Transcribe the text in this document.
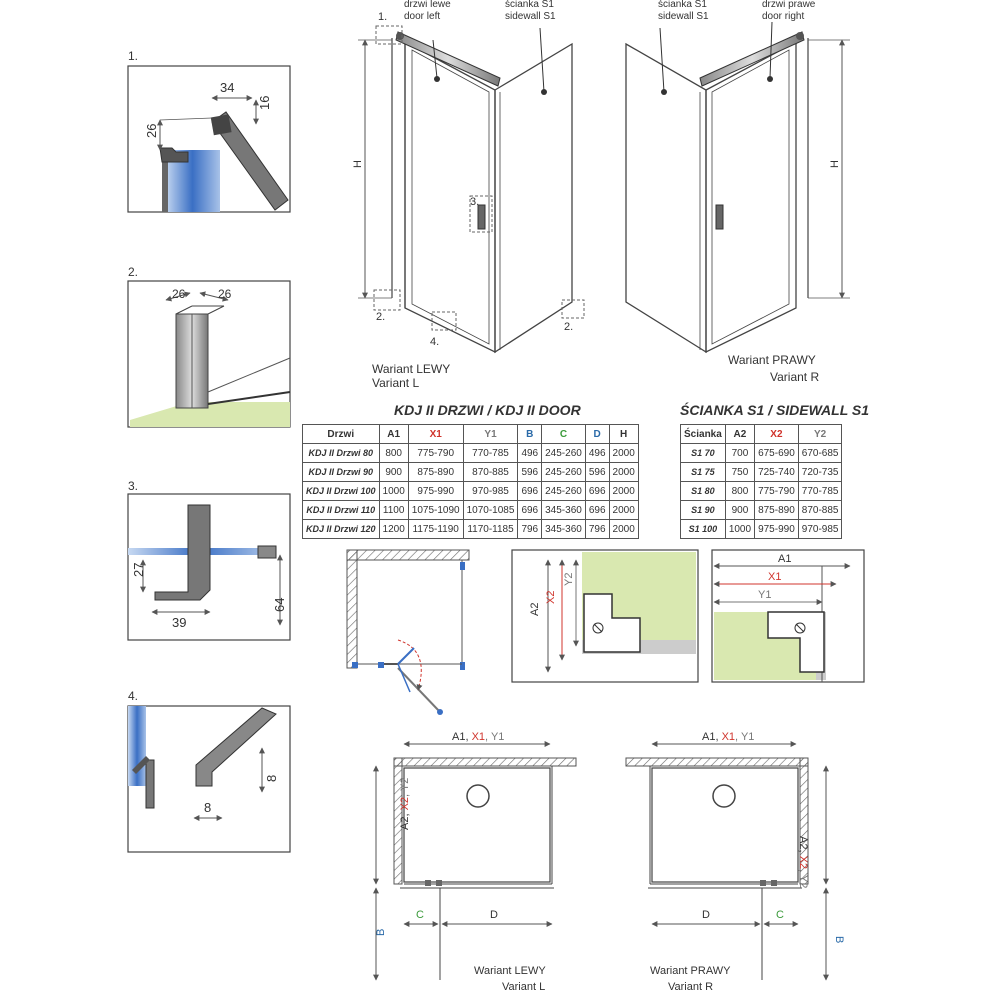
1.
34
16
26
2.
26	26
3.
27
39
64
4.
8
8
drzwi lewe
door left
ścianka S1
sidewall S1
1.
3.
2.
4.
2.
H
Wariant LEWY
Variant L
ścianka S1
sidewall S1
drzwi prawe
door right
H
Wariant PRAWY
Variant R
A2
X2
Y2
A1
X1
Y1
A1, X1, Y1
A2, X2, Y2
B
C	D
Wariant LEWY
Variant L
A1, X1, Y1
A2, X2, Y2
B
D	C
Wariant PRAWY
Variant R
KDJ II DRZWI / KDJ II DOOR
Drzwi	A1	X1	Y1	B	C	D	H
KDJ II Drzwi 80	800	775-790	770-785	496	245-260	496	2000
KDJ II Drzwi 90	900	875-890	870-885	596	245-260	596	2000
KDJ II Drzwi 100	1000	975-990	970-985	696	245-260	696	2000
KDJ II Drzwi 110	1100	1075-1090	1070-1085	696	345-360	696	2000
KDJ II Drzwi 120	1200	1175-1190	1170-1185	796	345-360	796	2000
ŚCIANKA S1 / SIDEWALL S1
Ścianka	A2	X2	Y2
S1 70	700	675-690	670-685
S1 75	750	725-740	720-735
S1 80	800	775-790	770-785
S1 90	900	875-890	870-885
S1 100	1000	975-990	970-985
